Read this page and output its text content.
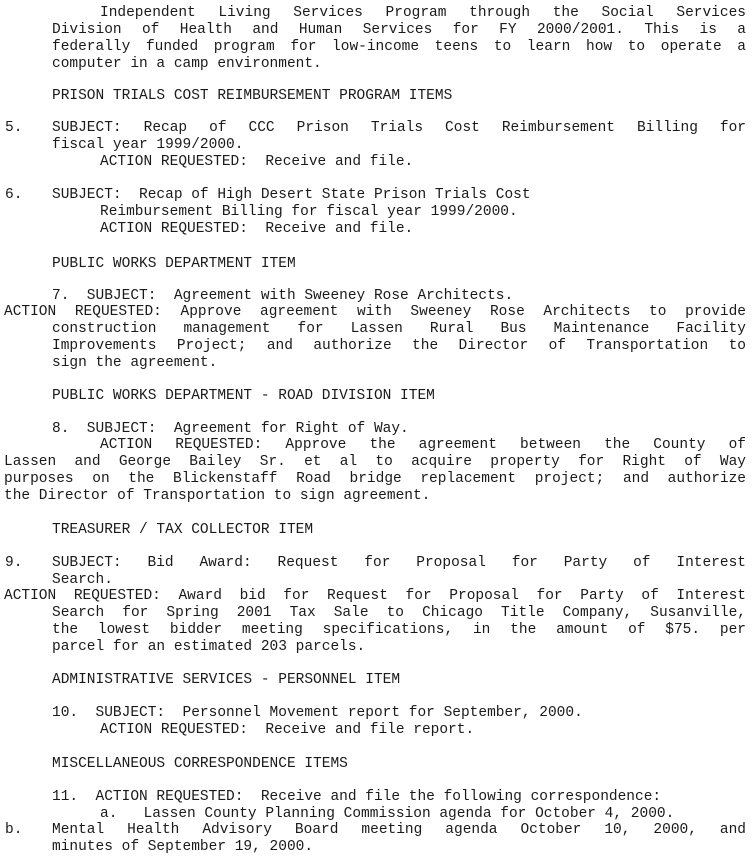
Independent Living Services Program through the Social Services
Division of Health and Human Services for FY 2000/2001. This is a
federally funded program for low-income teens to learn how to operate a
computer in a camp environment.
PRISON TRIALS COST REIMBURSEMENT PROGRAM ITEMS
5. SUBJECT: Recap of CCC Prison Trials Cost Reimbursement Billing for
fiscal year 1999/2000.
ACTION REQUESTED:  Receive and file.
6. SUBJECT:  Recap of High Desert State Prison Trials Cost
Reimbursement Billing for fiscal year 1999/2000.
ACTION REQUESTED:  Receive and file.
PUBLIC WORKS DEPARTMENT ITEM
7.  SUBJECT:  Agreement with Sweeney Rose Architects.
ACTION REQUESTED: Approve agreement with Sweeney Rose Architects to provide
construction management for Lassen Rural Bus Maintenance Facility
Improvements Project; and authorize the Director of Transportation to
sign the agreement.
PUBLIC WORKS DEPARTMENT - ROAD DIVISION ITEM
8.  SUBJECT:  Agreement for Right of Way.
ACTION REQUESTED: Approve the agreement between the County of
Lassen and George Bailey Sr. et al to acquire property for Right of Way
purposes on the Blickenstaff Road bridge replacement project; and authorize
the Director of Transportation to sign agreement.
TREASURER / TAX COLLECTOR ITEM
9. SUBJECT: Bid Award: Request for Proposal for Party of Interest
Search.
ACTION REQUESTED: Award bid for Request for Proposal for Party of Interest
Search for Spring 2001 Tax Sale to Chicago Title Company, Susanville,
the lowest bidder meeting specifications, in the amount of $75. per
parcel for an estimated 203 parcels.
ADMINISTRATIVE SERVICES - PERSONNEL ITEM
10.  SUBJECT:  Personnel Movement report for September, 2000.
ACTION REQUESTED:  Receive and file report.
MISCELLANEOUS CORRESPONDENCE ITEMS
11.  ACTION REQUESTED:  Receive and file the following correspondence:
a.   Lassen County Planning Commission agenda for October 4, 2000.
b. Mental Health Advisory Board meeting agenda October 10, 2000, and
minutes of September 19, 2000.
